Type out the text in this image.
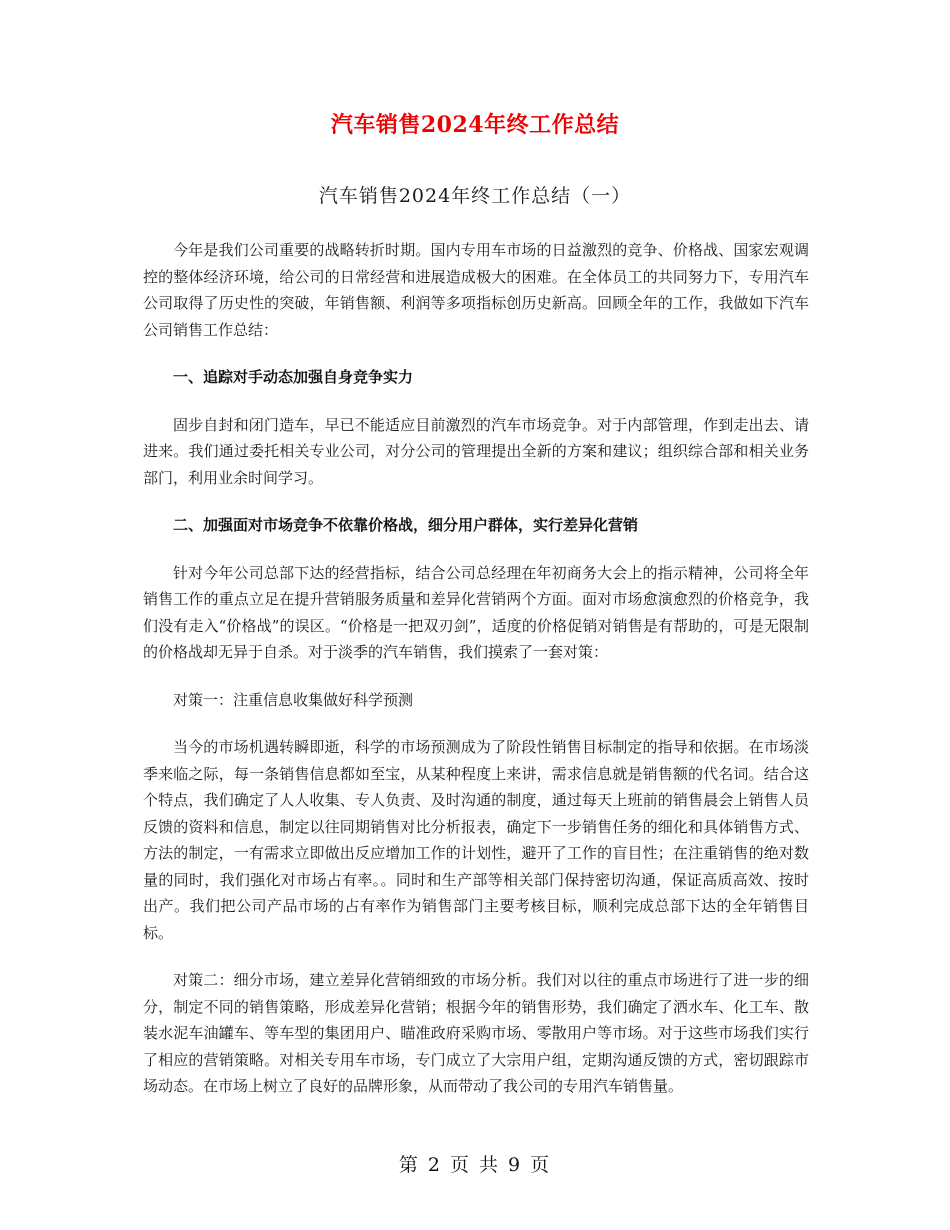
汽车销售2024年终工作总结
汽车销售2024年终工作总结（一）

今年是我们公司重要的战略转折时期。国内专用车市场的日益激烈的竞争、价格战、国家宏观调控的整体经济环境，给公司的日常经营和进展造成极大的困难。在全体员工的共同努力下，专用汽车公司取得了历史性的突破，年销售额、利润等多项指标创历史新高。回顾全年的工作，我做如下汽车公司销售工作总结：

一、追踪对手动态加强自身竞争实力

固步自封和闭门造车，早已不能适应目前激烈的汽车市场竞争。对于内部管理，作到走出去、请进来。我们通过委托相关专业公司，对分公司的管理提出全新的方案和建议；组织综合部和相关业务部门，利用业余时间学习。

二、加强面对市场竞争不依靠价格战，细分用户群体，实行差异化营销

针对今年公司总部下达的经营指标，结合公司总经理在年初商务大会上的指示精神，公司将全年销售工作的重点立足在提升营销服务质量和差异化营销两个方面。面对市场愈演愈烈的价格竞争，我们没有走入“价格战”的误区。“价格是一把双刃剑”，适度的价格促销对销售是有帮助的，可是无限制的价格战却无异于自杀。对于淡季的汽车销售，我们摸索了一套对策：

对策一：注重信息收集做好科学预测

当今的市场机遇转瞬即逝，科学的市场预测成为了阶段性销售目标制定的指导和依据。在市场淡季来临之际，每一条销售信息都如至宝，从某种程度上来讲，需求信息就是销售额的代名词。结合这个特点，我们确定了人人收集、专人负责、及时沟通的制度，通过每天上班前的销售晨会上销售人员反馈的资料和信息，制定以往同期销售对比分析报表，确定下一步销售任务的细化和具体销售方式、方法的制定，一有需求立即做出反应增加工作的计划性，避开了工作的盲目性；在注重销售的绝对数量的同时，我们强化对市场占有率。。同时和生产部等相关部门保持密切沟通，保证高质高效、按时出产。我们把公司产品市场的占有率作为销售部门主要考核目标，顺利完成总部下达的全年销售目标。

对策二：细分市场，建立差异化营销细致的市场分析。我们对以往的重点市场进行了进一步的细分，制定不同的销售策略，形成差异化营销；根据今年的销售形势，我们确定了洒水车、化工车、散装水泥车油罐车、等车型的集团用户、瞄准政府采购市场、零散用户等市场。对于这些市场我们实行了相应的营销策略。对相关专用车市场，专门成立了大宗用户组，定期沟通反馈的方式，密切跟踪市场动态。在市场上树立了良好的品牌形象，从而带动了我公司的专用汽车销售量。

第 2 页 共 9 页
